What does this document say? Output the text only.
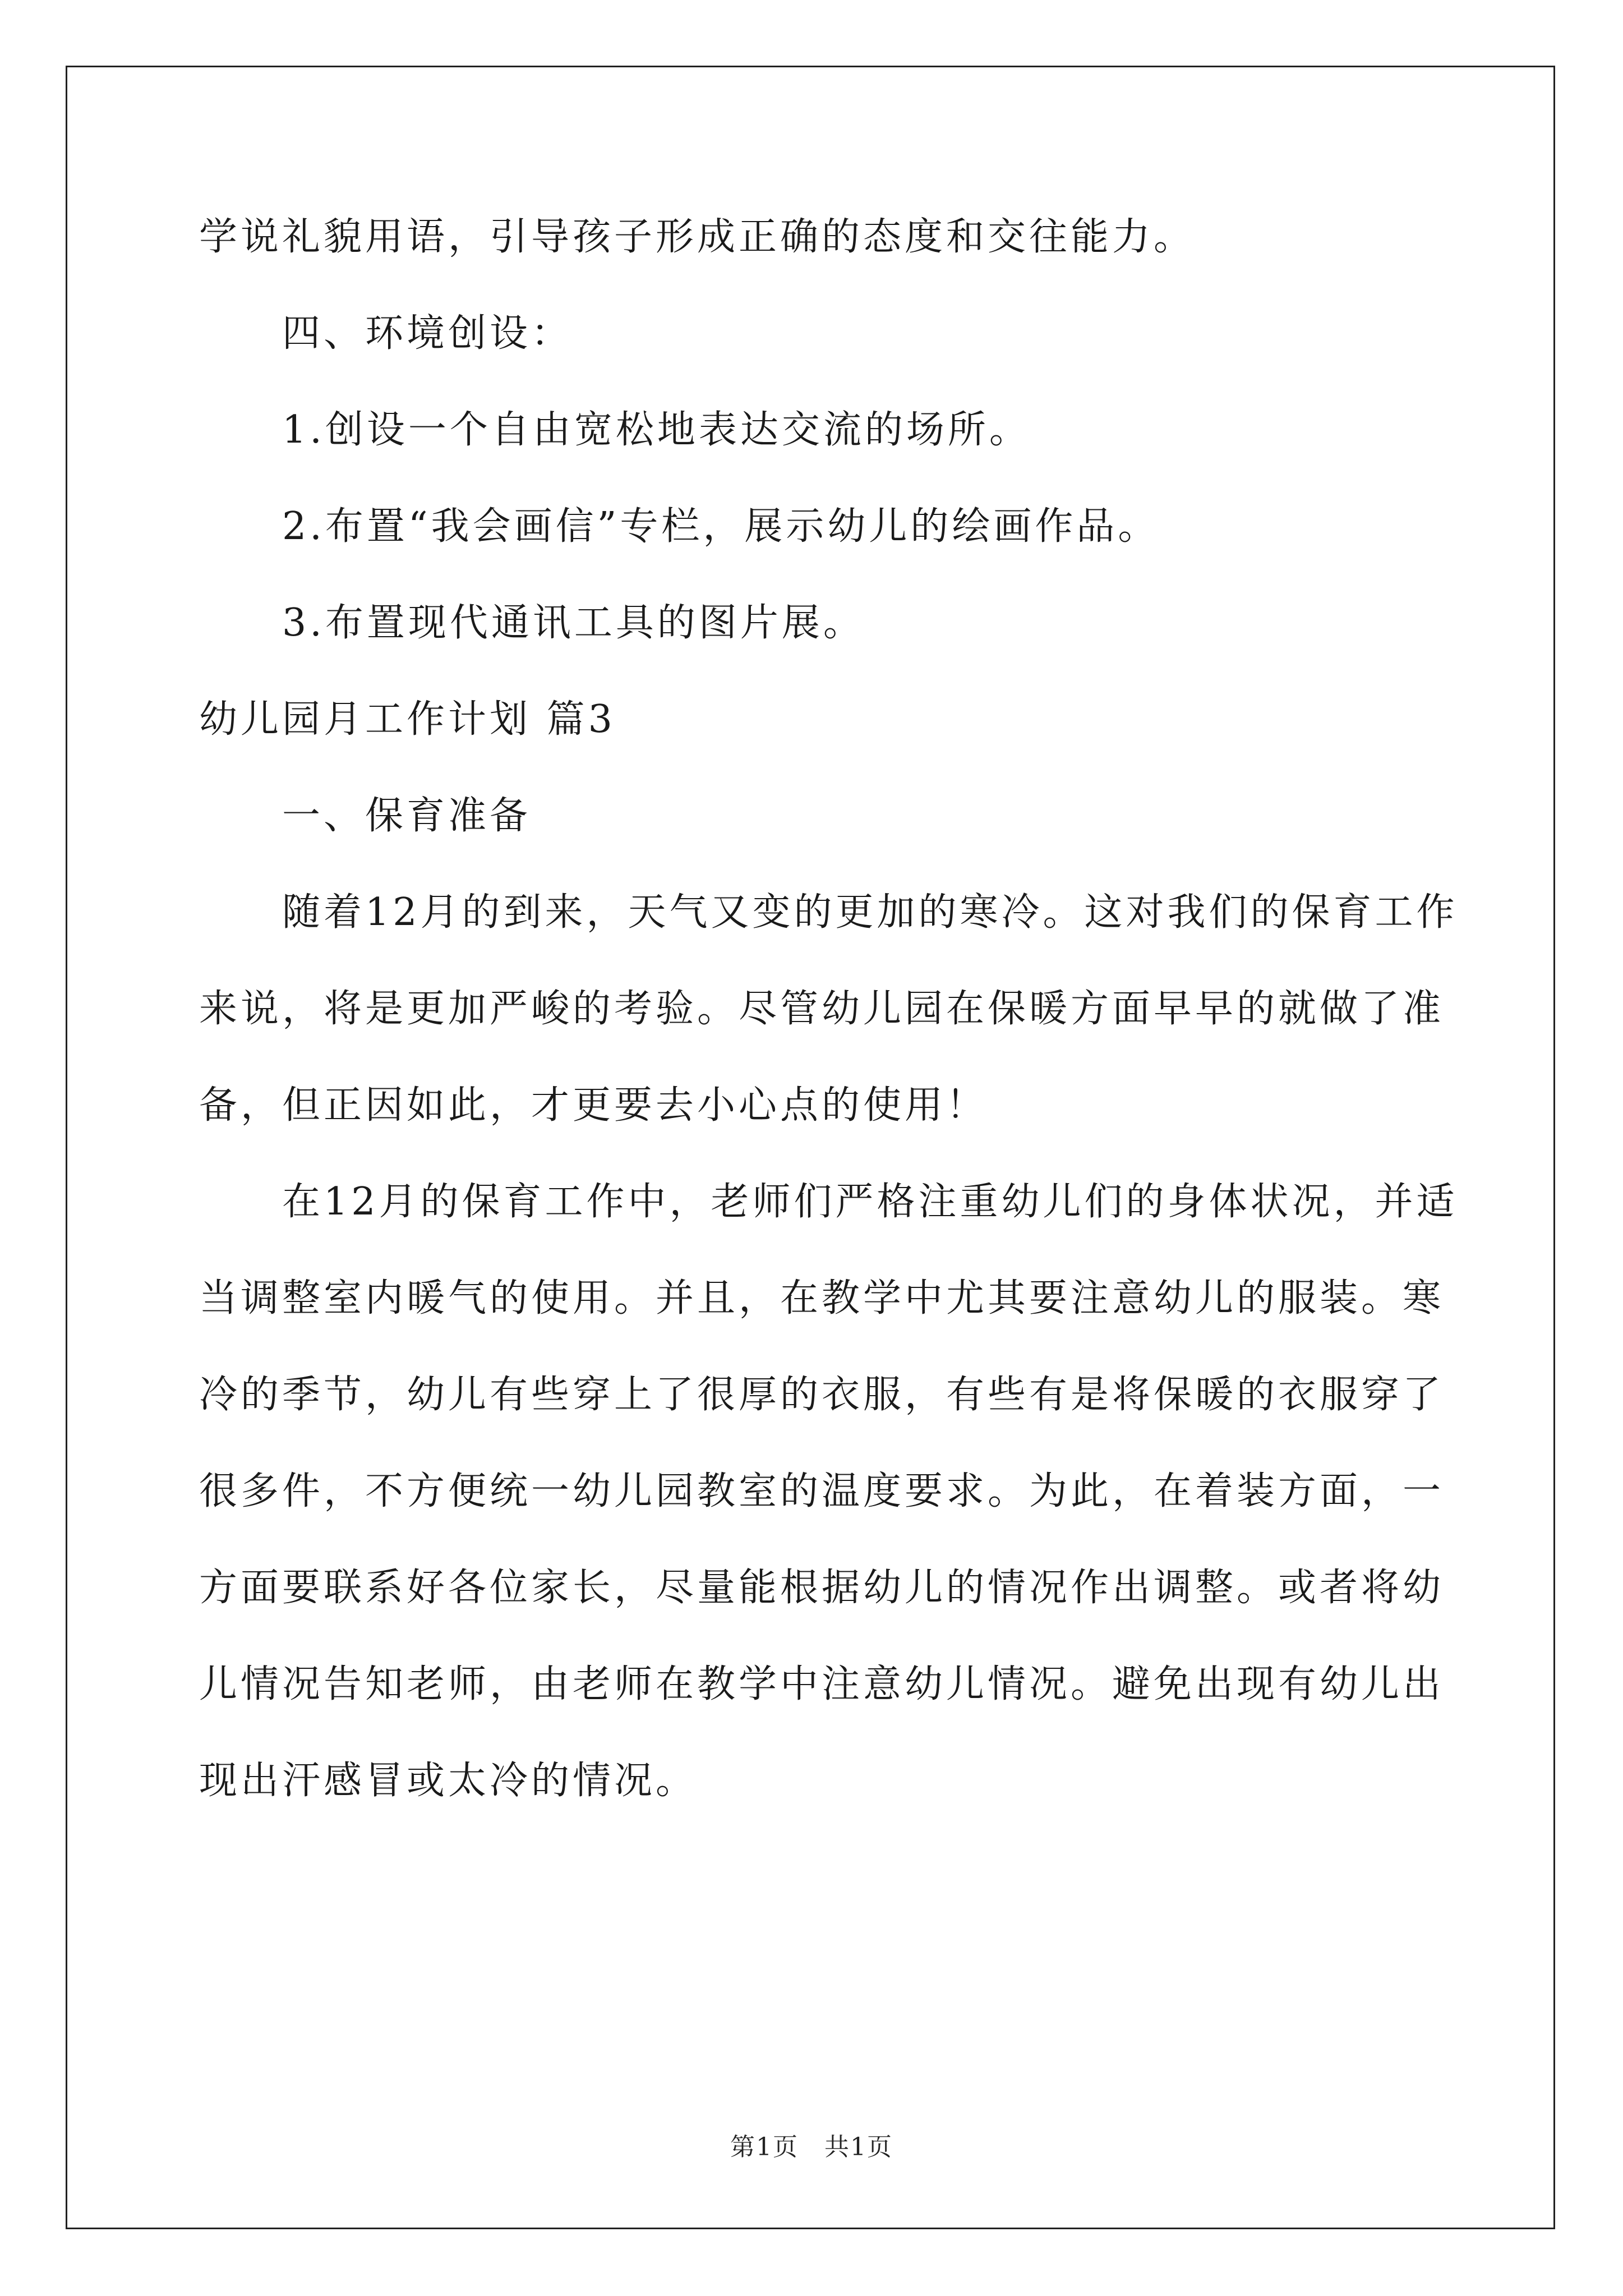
学说礼貌用语，引导孩子形成正确的态度和交往能力。
四、环境创设：
1.创设一个自由宽松地表达交流的场所。
2.布置“我会画信”专栏，展示幼儿的绘画作品。
3.布置现代通讯工具的图片展。
幼儿园月工作计划 篇3
一、保育准备
随着12月的到来，天气又变的更加的寒冷。这对我们的保育工作
来说，将是更加严峻的考验。尽管幼儿园在保暖方面早早的就做了准
备，但正因如此，才更要去小心点的使用！
在12月的保育工作中，老师们严格注重幼儿们的身体状况，并适
当调整室内暖气的使用。并且，在教学中尤其要注意幼儿的服装。寒
冷的季节，幼儿有些穿上了很厚的衣服，有些有是将保暖的衣服穿了
很多件，不方便统一幼儿园教室的温度要求。为此，在着装方面，一
方面要联系好各位家长，尽量能根据幼儿的情况作出调整。或者将幼
儿情况告知老师，由老师在教学中注意幼儿情况。避免出现有幼儿出
现出汗感冒或太冷的情况。
第1页　共1页
